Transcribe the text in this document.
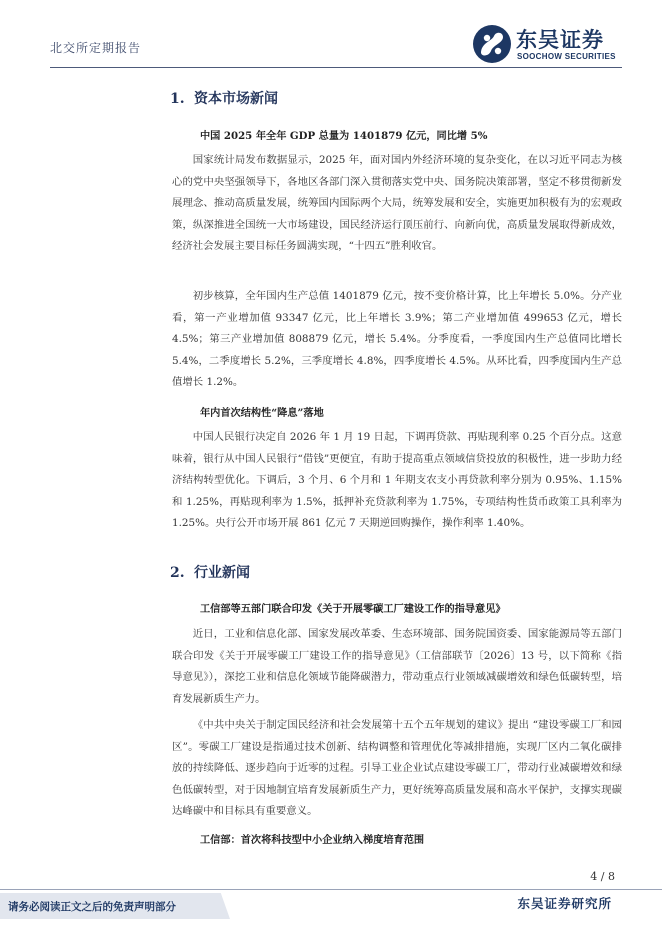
北交所定期报告	东吴证券
SOOCHOW SECURITIES
1. 资本市场新闻
中国 2025 年全年 GDP 总量为 1401879 亿元，同比增 5%

国家统计局发布数据显示，2025 年，面对国内外经济环境的复杂变化，在以习近平同志为核心的党中央坚强领导下，各地区各部门深入贯彻落实党中央、国务院决策部署，坚定不移贯彻新发展理念、推动高质量发展，统筹国内国际两个大局，统筹发展和安全，实施更加积极有为的宏观政策，纵深推进全国统一大市场建设，国民经济运行顶压前行、向新向优，高质量发展取得新成效，经济社会发展主要目标任务圆满实现，“十四五”胜利收官。

初步核算，全年国内生产总值 1401879 亿元，按不变价格计算，比上年增长 5.0%。分产业看，第一产业增加值 93347 亿元，比上年增长 3.9%；第二产业增加值 499653 亿元，增长 4.5%；第三产业增加值 808879 亿元，增长 5.4%。分季度看，一季度国内生产总值同比增长 5.4%，二季度增长 5.2%，三季度增长 4.8%，四季度增长 4.5%。从环比看，四季度国内生产总值增长 1.2%。

年内首次结构性“降息”落地

中国人民银行决定自 2026 年 1 月 19 日起，下调再贷款、再贴现利率 0.25 个百分点。这意味着，银行从中国人民银行“借钱”更便宜，有助于提高重点领域信贷投放的积极性，进一步助力经济结构转型优化。下调后，3 个月、6 个月和 1 年期支农支小再贷款利率分别为 0.95%、1.15%和 1.25%，再贴现利率为 1.5%，抵押补充贷款利率为 1.75%，专项结构性货币政策工具利率为 1.25%。央行公开市场开展 861 亿元 7 天期逆回购操作，操作利率 1.40%。

2. 行业新闻
工信部等五部门联合印发《关于开展零碳工厂建设工作的指导意见》

近日，工业和信息化部、国家发展改革委、生态环境部、国务院国资委、国家能源局等五部门联合印发《关于开展零碳工厂建设工作的指导意见》（工信部联节〔2026〕13 号，以下简称《指导意见》），深挖工业和信息化领域节能降碳潜力，带动重点行业领域减碳增效和绿色低碳转型，培育发展新质生产力。

《中共中央关于制定国民经济和社会发展第十五个五年规划的建议》提出 “建设零碳工厂和园区”。零碳工厂建设是指通过技术创新、结构调整和管理优化等减排措施，实现厂区内二氧化碳排放的持续降低、逐步趋向于近零的过程。引导工业企业试点建设零碳工厂，带动行业减碳增效和绿色低碳转型，对于因地制宜培育发展新质生产力，更好统筹高质量发展和高水平保护，支撑实现碳达峰碳中和目标具有重要意义。

工信部：首次将科技型中小企业纳入梯度培育范围
4 / 8
请务必阅读正文之后的免责声明部分	东吴证券研究所
